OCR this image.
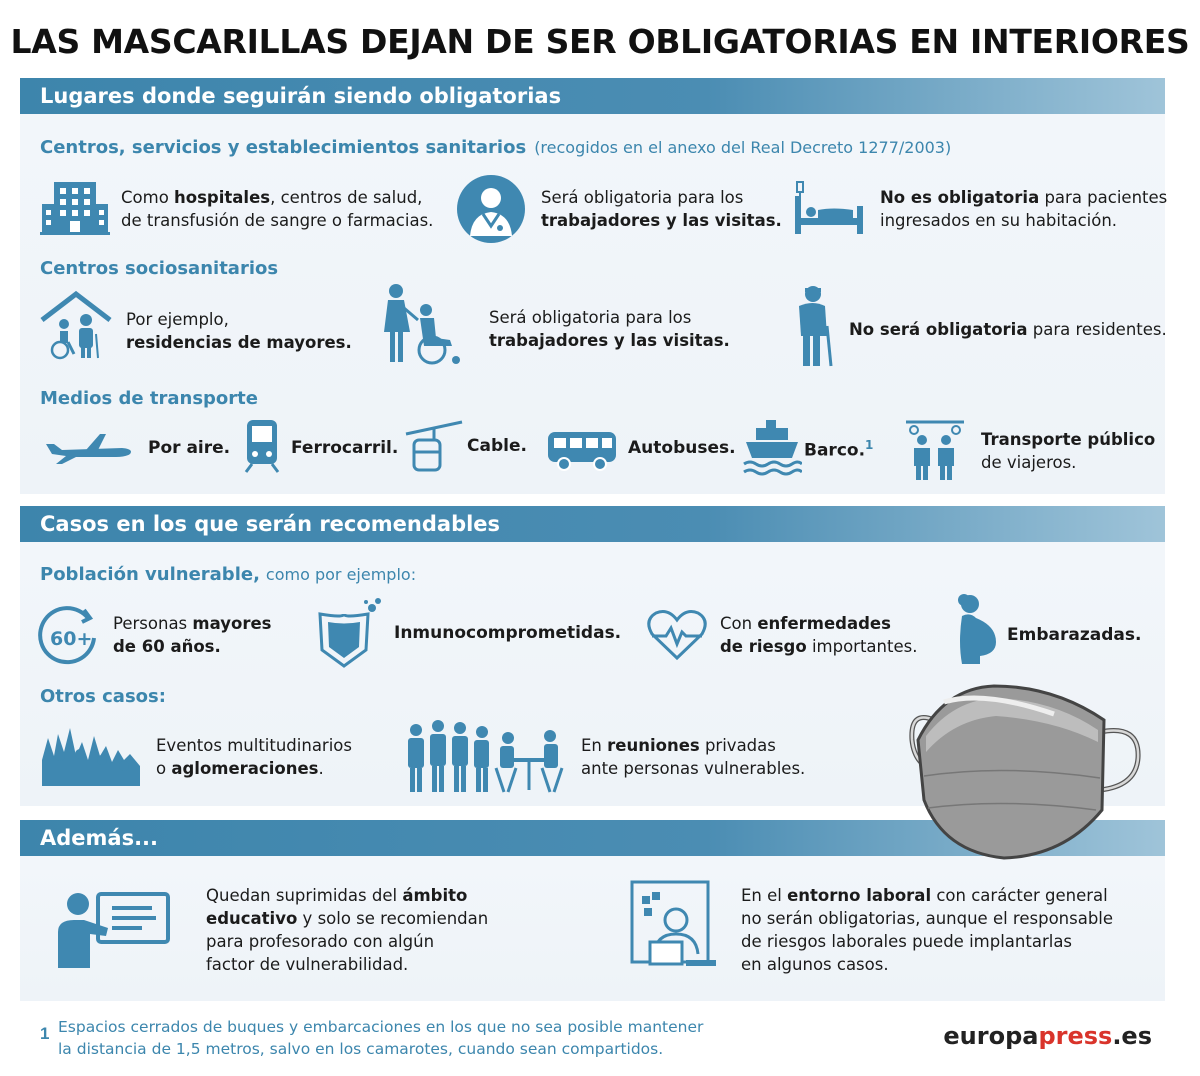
LAS MASCARILLAS DEJAN DE SER OBLIGATORIAS EN INTERIORES
Lugares donde seguirán siendo obligatorias
Centros, servicios y establecimientos sanitarios (recogidos en el anexo del Real Decreto 1277/2003)
Como hospitales, centros de salud,
de transfusión de sangre o farmacias.
Será obligatoria para los
trabajadores y las visitas.
No es obligatoria para pacientes
ingresados en su habitación.
Centros sociosanitarios
Por ejemplo,
residencias de mayores.
Será obligatoria para los
trabajadores y las visitas.
No será obligatoria para residentes.
Medios de transporte
Por aire.	Ferrocarril.	Cable.	Autobuses.	Barco.$^1$	Transporte público
de viajeros.
Casos en los que serán recomendables
Población vulnerable, como por ejemplo:
60+
Personas mayores
de 60 años.
Inmunocomprometidas.	Con enfermedades
de riesgo importantes.
Embarazadas.
Otros casos:
Eventos multitudinarios
o aglomeraciones.
En reuniones privadas
ante personas vulnerables.
Además...
Quedan suprimidas del ámbito
educativo y solo se recomiendan
para profesorado con algún
factor de vulnerabilidad.
En el entorno laboral con carácter general
no serán obligatorias, aunque el responsable
de riesgos laborales puede implantarlas
en algunos casos.
1 Espacios cerrados de buques y embarcaciones en los que no sea posible mantener
la distancia de 1,5 metros, salvo en los camarotes, cuando sean compartidos.	europapress.es
